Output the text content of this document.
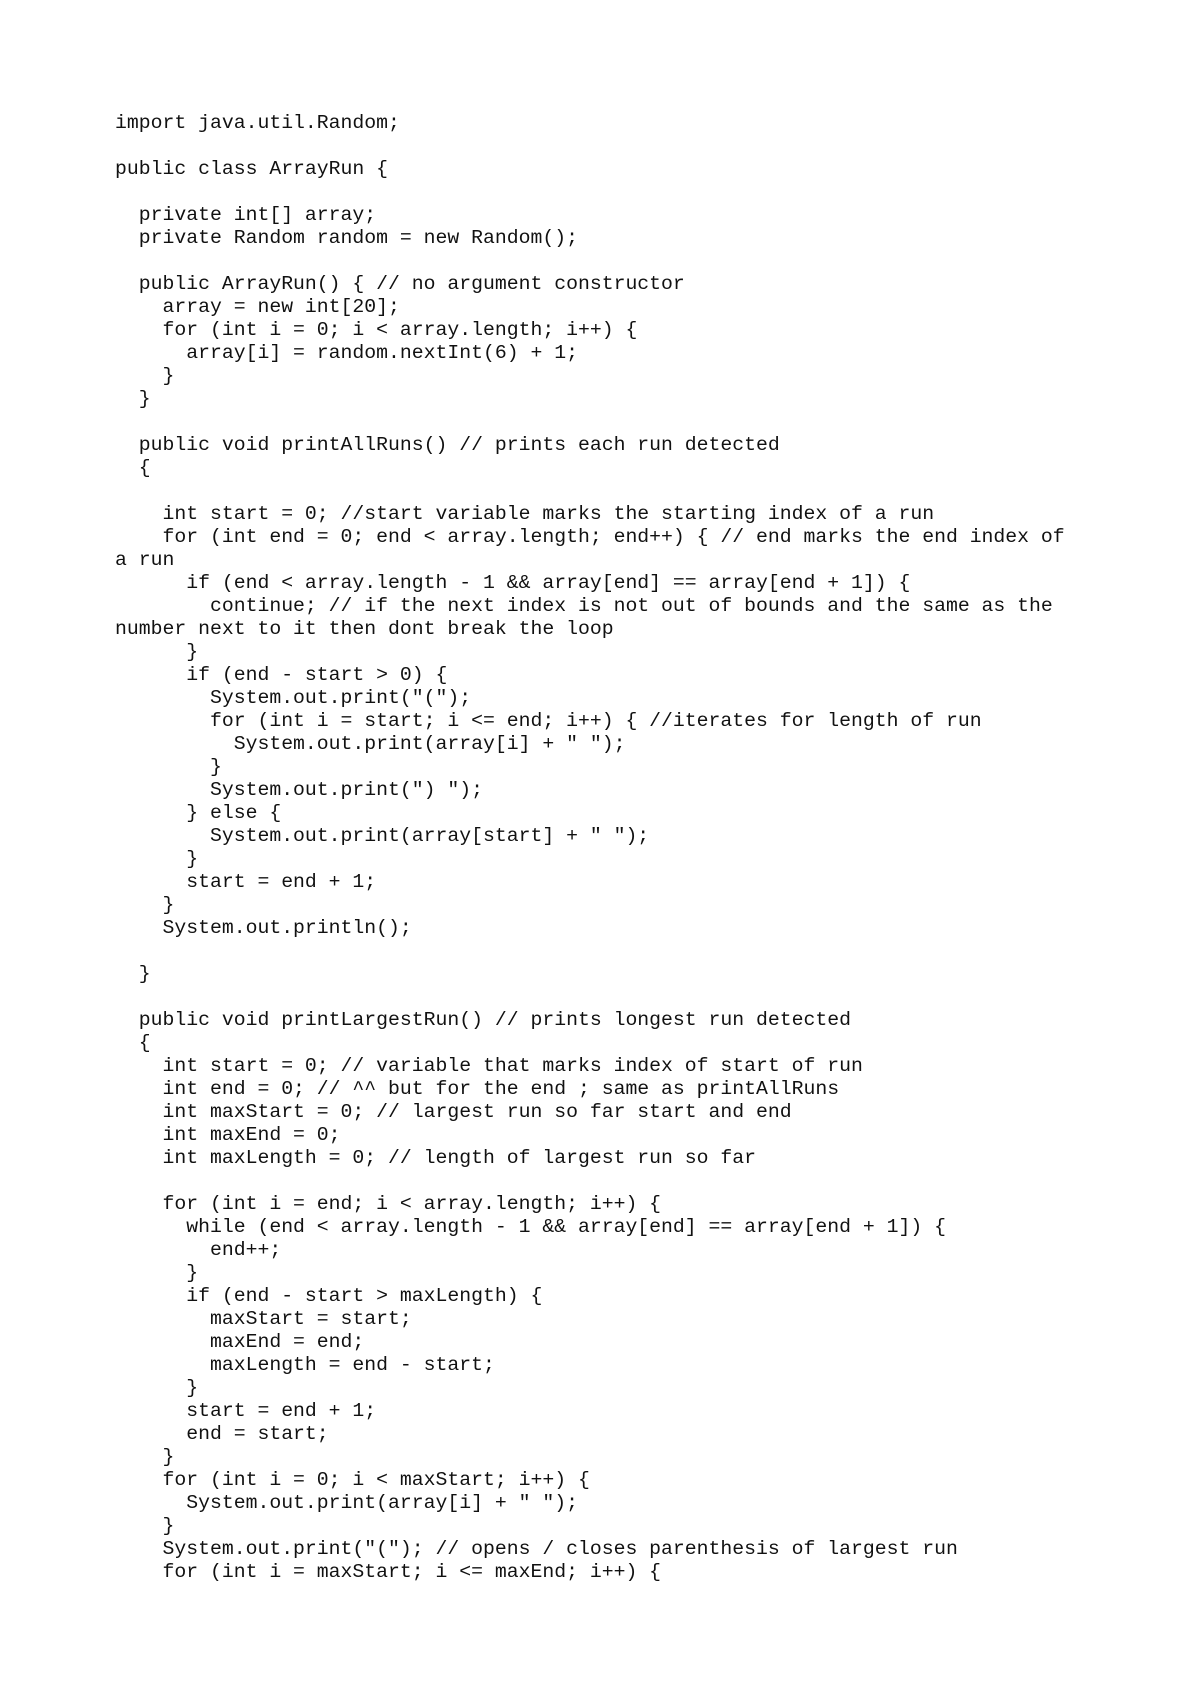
import java.util.Random;
public class ArrayRun {
private int[] array;
private Random random = new Random();
public ArrayRun() { // no argument constructor
array = new int[20];
for (int i = 0; i < array.length; i++) {
array[i] = random.nextInt(6) + 1;
}
}
public void printAllRuns() // prints each run detected
{
int start = 0; //start variable marks the starting index of a run
for (int end = 0; end < array.length; end++) { // end marks the end index of
a run
if (end < array.length - 1 && array[end] == array[end + 1]) {
continue; // if the next index is not out of bounds and the same as the
number next to it then dont break the loop
}
if (end - start > 0) {
System.out.print("(");
for (int i = start; i <= end; i++) { //iterates for length of run
System.out.print(array[i] + " ");
}
System.out.print(") ");
} else {
System.out.print(array[start] + " ");
}
start = end + 1;
}
System.out.println();
}
public void printLargestRun() // prints longest run detected
{
int start = 0; // variable that marks index of start of run
int end = 0; // ^^ but for the end ; same as printAllRuns
int maxStart = 0; // largest run so far start and end
int maxEnd = 0;
int maxLength = 0; // length of largest run so far
for (int i = end; i < array.length; i++) {
while (end < array.length - 1 && array[end] == array[end + 1]) {
end++;
}
if (end - start > maxLength) {
maxStart = start;
maxEnd = end;
maxLength = end - start;
}
start = end + 1;
end = start;
}
for (int i = 0; i < maxStart; i++) {
System.out.print(array[i] + " ");
}
System.out.print("("); // opens / closes parenthesis of largest run
for (int i = maxStart; i <= maxEnd; i++) {
